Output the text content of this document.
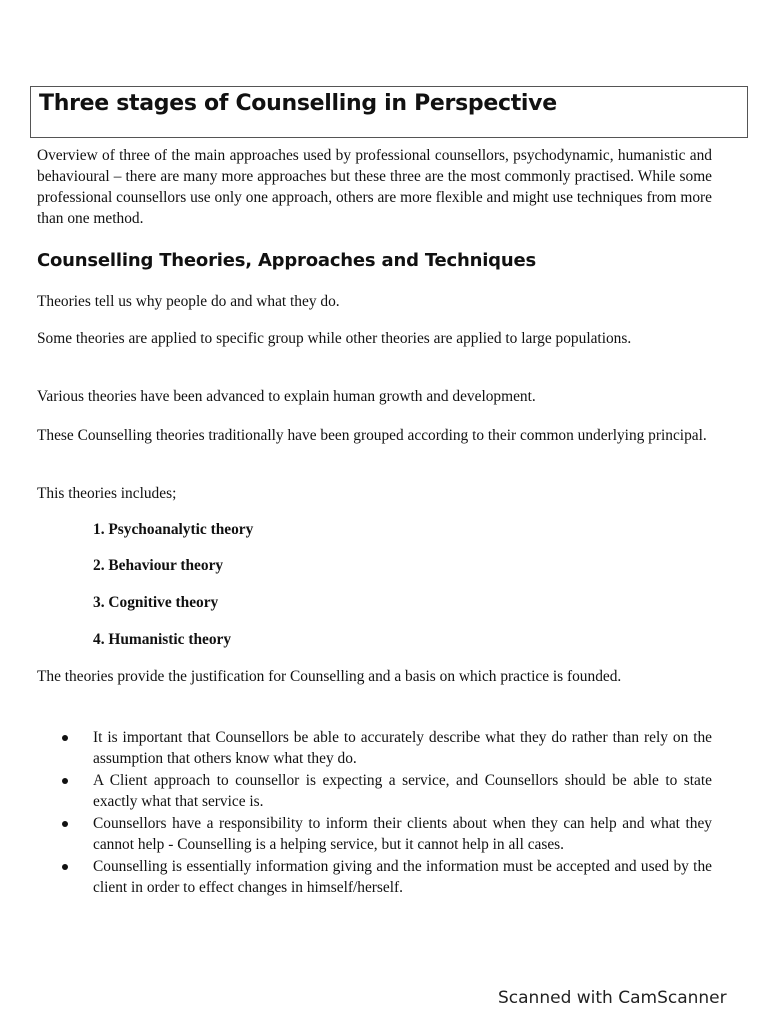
Three stages of Counselling in Perspective
Overview of three of the main approaches used by professional counsellors, psychodynamic, humanistic and behavioural – there are many more approaches but these three are the most commonly practised. While some professional counsellors use only one approach, others are more flexible and might use techniques from more than one method.
Counselling Theories, Approaches and Techniques
Theories tell us why people do and what they do.
Some theories are applied to specific group while other theories are applied to large populations.
Various theories have been advanced to explain human growth and development.
These Counselling theories traditionally have been grouped according to their common underlying principal.
This theories includes;
1. Psychoanalytic theory
2. Behaviour theory
3. Cognitive theory
4. Humanistic theory
The theories provide the justification for Counselling and a basis on which practice is founded.
It is important that Counsellors be able to accurately describe what they do rather than rely on the assumption that others know what they do.
A Client approach to counsellor is expecting a service, and Counsellors should be able to state exactly what that service is.
Counsellors have a responsibility to inform their clients about when they can help and what they cannot help - Counselling is a helping service, but it cannot help in all cases.
Counselling is essentially information giving and the information must be accepted and used by the client in order to effect changes in himself/herself.
Scanned with CamScanner
